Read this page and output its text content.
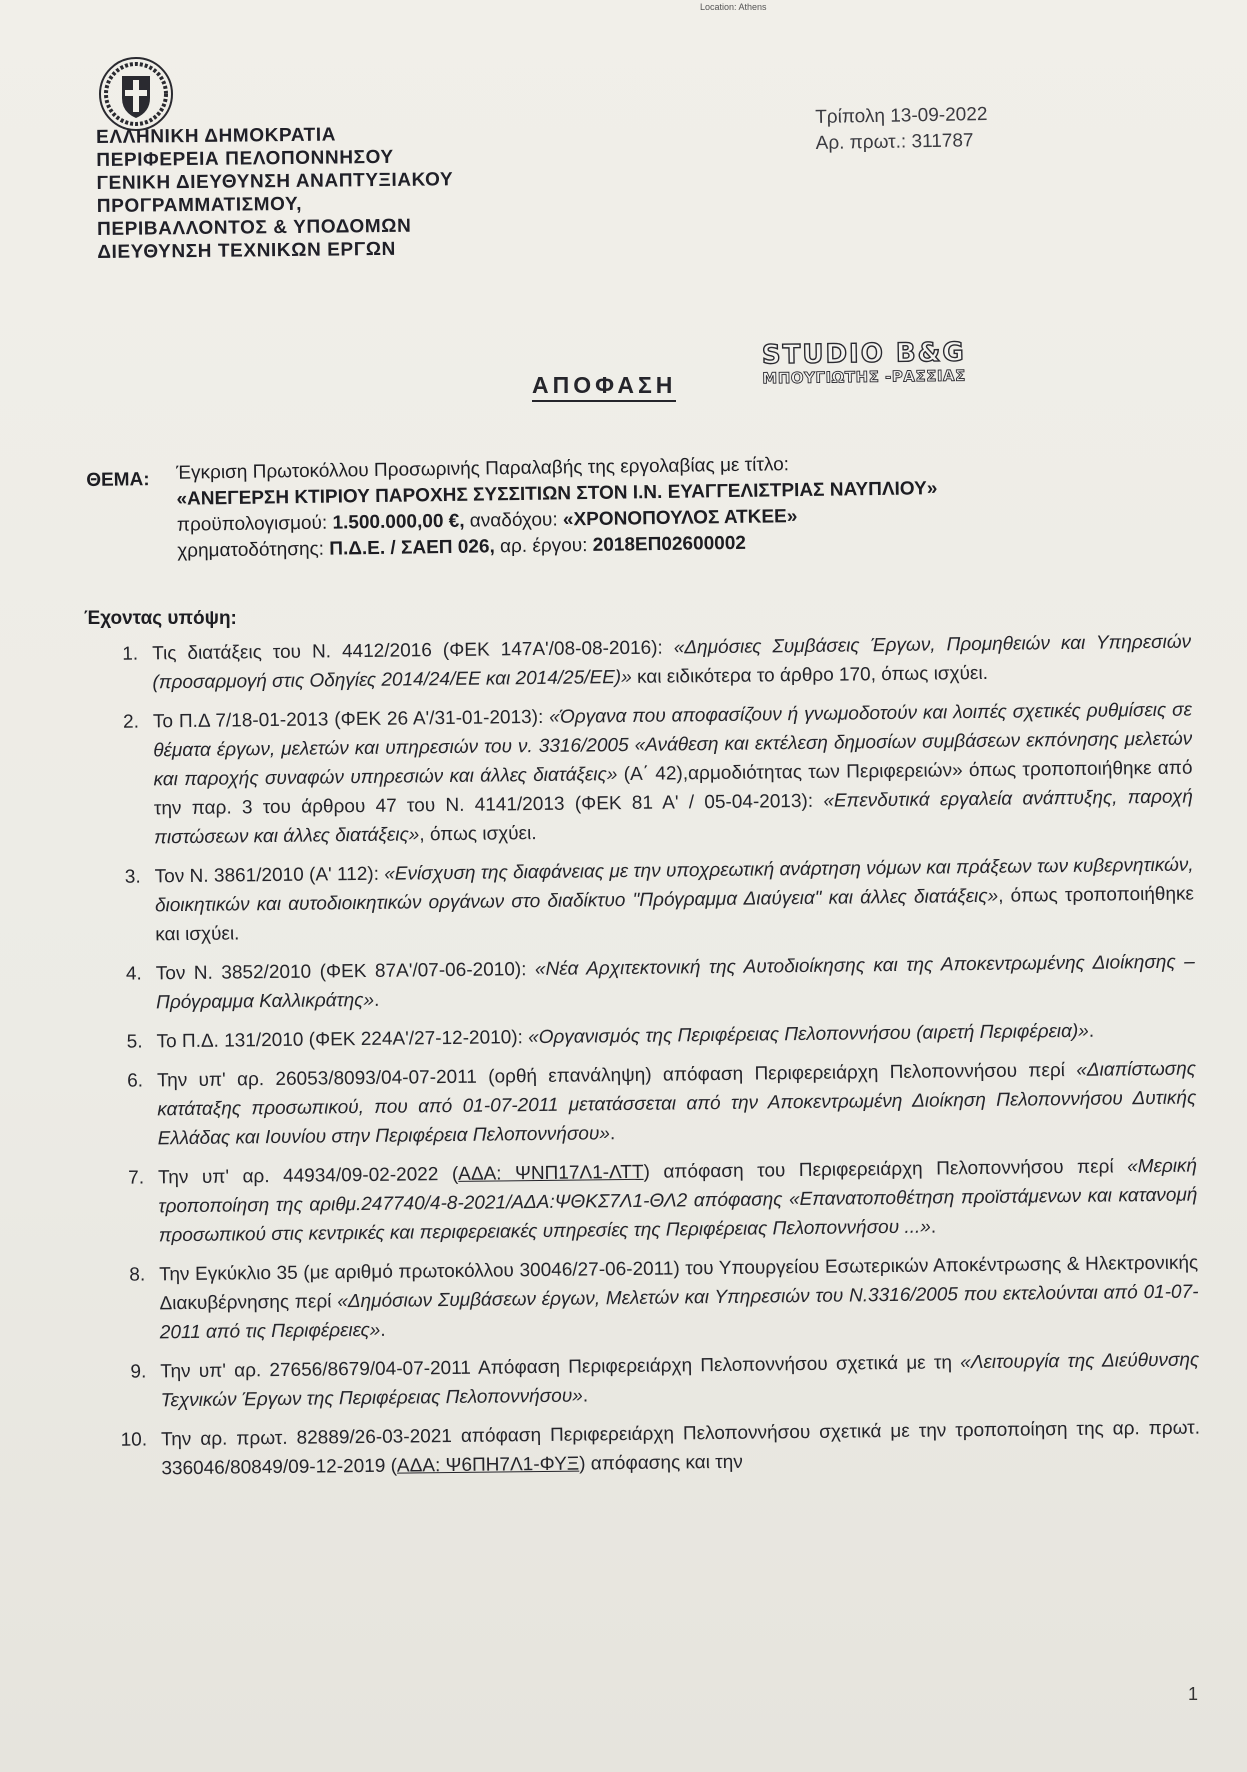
Location: Athens
ΕΛΛΗΝΙΚΗ ΔΗΜΟΚΡΑΤΙΑ
ΠΕΡΙΦΕΡΕΙΑ ΠΕΛΟΠΟΝΝΗΣΟΥ
ΓΕΝΙΚΗ ΔΙΕΥΘΥΝΣΗ ΑΝΑΠΤΥΞΙΑΚΟΥ
ΠΡΟΓΡΑΜΜΑΤΙΣΜΟΥ,
ΠΕΡΙΒΑΛΛΟΝΤΟΣ & ΥΠΟΔΟΜΩΝ
ΔΙΕΥΘΥΝΣΗ ΤΕΧΝΙΚΩΝ ΕΡΓΩΝ
Τρίπολη 13-09-2022
Αρ. πρωτ.: 311787
ΑΠΟΦΑΣΗ
STUDIO B&G
ΜΠΟΥΓΙΩΤΗΣ -ΡΑΣΣΙΑΣ
ΘΕΜΑ: Έγκριση Πρωτοκόλλου Προσωρινής Παραλαβής της εργολαβίας με τίτλο:
«ΑΝΕΓΕΡΣΗ ΚΤΙΡΙΟΥ ΠΑΡΟΧΗΣ ΣΥΣΣΙΤΙΩΝ ΣΤΟΝ Ι.Ν. ΕΥΑΓΓΕΛΙΣΤΡΙΑΣ ΝΑΥΠΛΙΟΥ»
προϋπολογισμού: 1.500.000,00 €, αναδόχου: «ΧΡΟΝΟΠΟΥΛΟΣ ΑΤΚΕΕ»
χρηματοδότησης: Π.Δ.Ε. / ΣΑΕΠ 026, αρ. έργου: 2018ΕΠ02600002
Έχοντας υπόψη:
1. Τις διατάξεις του Ν. 4412/2016 (ΦΕΚ 147Α'/08-08-2016): «Δημόσιες Συμβάσεις Έργων, Προμηθειών και Υπηρεσιών (προσαρμογή στις Οδηγίες 2014/24/ΕΕ και 2014/25/ΕΕ)» και ειδικότερα το άρθρο 170, όπως ισχύει.
2. Το Π.Δ 7/18-01-2013 (ΦΕΚ 26 Α'/31-01-2013): «Όργανα που αποφασίζουν ή γνωμοδοτούν και λοιπές σχετικές ρυθμίσεις σε θέματα έργων, μελετών και υπηρεσιών του ν. 3316/2005 «Ανάθεση και εκτέλεση δημοσίων συμβάσεων εκπόνησης μελετών και παροχής συναφών υπηρεσιών και άλλες διατάξεις» (Α΄ 42),αρμοδιότητας των Περιφερειών» όπως τροποποιήθηκε από την παρ. 3 του άρθρου 47 του Ν. 4141/2013 (ΦΕΚ 81 Α' / 05-04-2013): «Επενδυτικά εργαλεία ανάπτυξης, παροχή πιστώσεων και άλλες διατάξεις», όπως ισχύει.
3. Τον Ν. 3861/2010 (Α' 112): «Ενίσχυση της διαφάνειας με την υποχρεωτική ανάρτηση νόμων και πράξεων των κυβερνητικών, διοικητικών και αυτοδιοικητικών οργάνων στο διαδίκτυο "Πρόγραμμα Διαύγεια" και άλλες διατάξεις», όπως τροποποιήθηκε και ισχύει.
4. Τον Ν. 3852/2010 (ΦΕΚ 87Α'/07-06-2010): «Νέα Αρχιτεκτονική της Αυτοδιοίκησης και της Αποκεντρωμένης Διοίκησης – Πρόγραμμα Καλλικράτης».
5. Το Π.Δ. 131/2010 (ΦΕΚ 224Α'/27-12-2010): «Οργανισμός της Περιφέρειας Πελοποννήσου (αιρετή Περιφέρεια)».
6. Την υπ' αρ. 26053/8093/04-07-2011 (ορθή επανάληψη) απόφαση Περιφερειάρχη Πελοποννήσου περί «Διαπίστωσης κατάταξης προσωπικού, που από 01-07-2011 μετατάσσεται από την Αποκεντρωμένη Διοίκηση Πελοποννήσου Δυτικής Ελλάδας και Ιουνίου στην Περιφέρεια Πελοποννήσου».
7. Την υπ' αρ. 44934/09-02-2022 (ΑΔΑ: ΨΝΠ17Λ1-ΛΤΤ) απόφαση του Περιφερειάρχη Πελοποννήσου περί «Μερική τροποποίηση της αριθμ.247740/4-8-2021/ΑΔΑ:ΨΘΚΣ7Λ1-ΘΛ2 απόφασης «Επανατοποθέτηση προϊστάμενων και κατανομή προσωπικού στις κεντρικές και περιφερειακές υπηρεσίες της Περιφέρειας Πελοποννήσου ...».
8. Την Εγκύκλιο 35 (με αριθμό πρωτοκόλλου 30046/27-06-2011) του Υπουργείου Εσωτερικών Αποκέντρωσης & Ηλεκτρονικής Διακυβέρνησης περί «Δημόσιων Συμβάσεων έργων, Μελετών και Υπηρεσιών του Ν.3316/2005 που εκτελούνται από 01-07-2011 από τις Περιφέρειες».
9. Την υπ' αρ. 27656/8679/04-07-2011 Απόφαση Περιφερειάρχη Πελοποννήσου σχετικά με τη «Λειτουργία της Διεύθυνσης Τεχνικών Έργων της Περιφέρειας Πελοποννήσου».
10. Την αρ. πρωτ. 82889/26-03-2021 απόφαση Περιφερειάρχη Πελοποννήσου σχετικά με την τροποποίηση της αρ. πρωτ. 336046/80849/09-12-2019 (ΑΔΑ: Ψ6ΠΗ7Λ1-ΦΥΞ) απόφασης και την
1
